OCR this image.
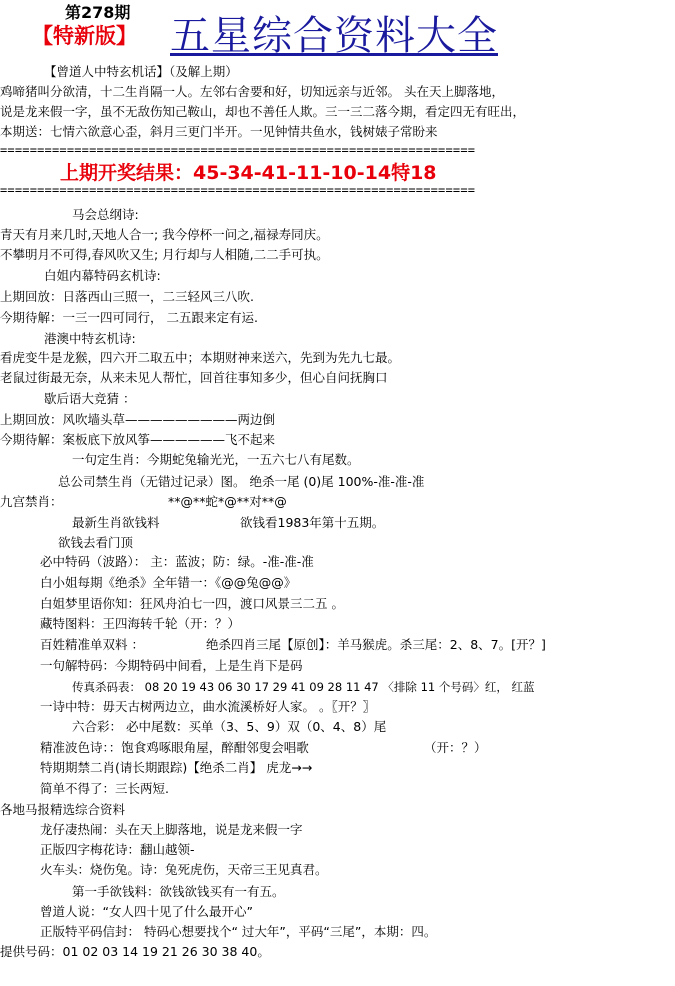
第278期
【特新版】 五星综合资料大全
【曾道人中特玄机话】（及解上期）
鸡啼猪叫分欲清，十二生肖隔一人。左邻右舍要和好，切知远亲与近邻。 头在天上脚落地，
说是龙来假一字，虽不无敌伤知己鞍山，却也不善任人欺。三一三二落今期，看定四无有旺出，
本期送：七情六欲意心歪，斜月三更门半开。一见钟情共鱼水，钱树婊子常盼来
================================================================
上期开奖结果：45-34-41-11-10-14特18
================================================================
马会总纲诗:
青天有月来几时,天地人合一; 我今停杯一问之,福禄寿同庆。
不攀明月不可得,春风吹又生; 月行却与人相随,二二手可执。
白姐内幕特码玄机诗:
上期回放：日落西山三照一，二三轻风三八吹.
今期待解：一三一四可同行， 二五跟来定有运.
港澳中特玄机诗:
看虎变牛是龙猴，四六开二取五中；本期财神来送六，先到为先九七最。
老鼠过街最无奈，从来未见人帮忙，回首往事知多少，但心自问抚胸口
歇后语大竞猜 ：
上期回放：风吹墙头草—————————两边倒
今期待解：案板底下放风筝——————飞不起来
一句定生肖：今期蛇兔输光光，一五六七八有尾数。
总公司禁生肖（无错过记录）图。 绝杀一尾 (0)尾 100%-准-准-准
九宫禁肖：	**@**蛇*@**对**@
最新生肖欲钱料	欲钱看1983年第十五期。
欲钱去看门顶
必中特码（波路）： 主：蓝波；防：绿。-准-准-准
白小姐每期《绝杀》全年错一：《@@兔@@》
白姐梦里语你知：狂风舟泊七一四，渡口风景三二五 。
藏特图料：王四海转千轮（开：？）
百姓精准单双料 ：	绝杀四肖三尾【原创】：羊马猴虎。杀三尾：2、8、7。[开？]
一句解特码：今期特码中间看，上是生肖下是码
传真杀码表： 08 20 19 43 06 30 17 29 41 09 28 11 47 〈排除 11 个号码〉红， 红蓝
一诗中特：毋天古树两边立，曲水流溪桥好人家。 。〖开？〗
六合彩： 必中尾数：买单（3、5、9）双（0、4、8）尾
精准波色诗：：饱食鸡啄眼角屋，醉酣邻叟会唱歌	（开：？）
特期期禁二肖(请长期跟踪)【绝杀二肖】 虎龙→→
简单不得了：三长两短.
各地马报精选综合资料
龙仔凄热闹：头在天上脚落地，说是龙来假一字
正版四字梅花诗：翻山越领-
火车头：烧伤兔。诗：兔死虎伤，天帝三王见真君。
第一手欲钱料：欲钱欲钱买有一有五。
曾道人说：“女人四十见了什么最开心”
正版特平码信封： 特码心想要找个“ 过大年”，平码“三尾”，本期：四。
提供号码：01 02 03 14 19 21 26 30 38 40。
